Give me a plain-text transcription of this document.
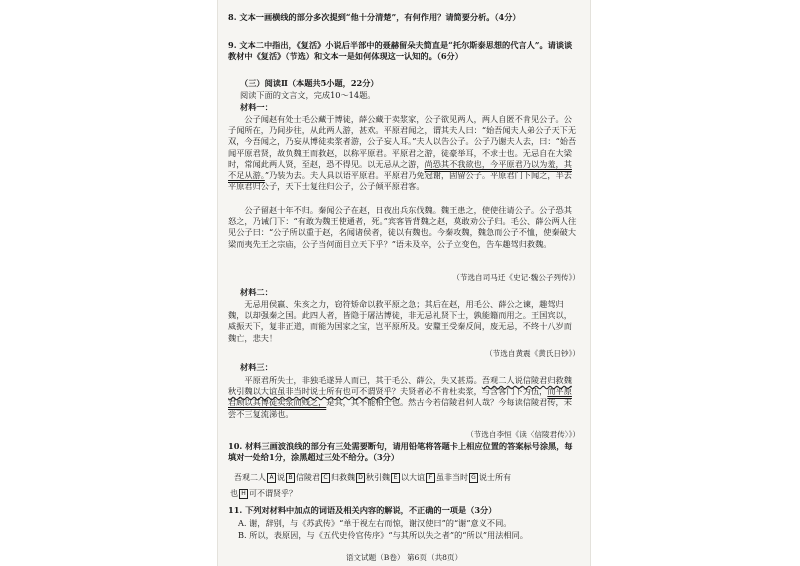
8. 文本一画横线的部分多次提到“他十分清楚”，有何作用？请简要分析。（4分）

9. 文本二中指出，《复活》小说后半部中的聂赫留朵夫简直是“托尔斯泰思想的代言人”。请谈谈教材中《复活》（节选）和文本一是如何体现这一认知的。（6分）

（三）阅读Ⅱ（本题共5小题，22分）

阅读下面的文言文，完成10～14题。

材料一：

公子闻赵有处士毛公藏于博徒，薛公藏于卖浆家，公子欲见两人，两人自匿不肯见公子。公子闻所在，乃间步往，从此两人游，甚欢。平原君闻之，谓其夫人曰：“始吾闻夫人弟公子天下无双，今吾闻之，乃妄从博徒卖浆者游，公子妄人耳。”夫人以告公子。公子乃谢夫人去，曰：“始吾闻平原君贤，故负魏王而救赵，以称平原君。平原君之游，徒豪举耳，不求士也。无忌自在大梁时，常闻此两人贤，至赵，恐不得见。以无忌从之游，尚恐其不我欲也，今平原君乃以为羞，其不足从游。”乃装为去。夫人具以语平原君。平原君乃免冠谢，固留公子。平原君门下闻之，半去平原君归公子，天下士复往归公子，公子倾平原君客。

公子留赵十年不归。秦闻公子在赵，日夜出兵东伐魏。魏王患之，使使往请公子。公子恐其怒之，乃诫门下：“有敢为魏王使通者，死。”宾客皆背魏之赵，莫敢劝公子归。毛公、薛公两人往见公子曰：“公子所以重于赵，名闻诸侯者，徒以有魏也。今秦攻魏，魏急而公子不恤，使秦破大梁而夷先王之宗庙，公子当何面目立天下乎？”语未及卒，公子立变色，告车趣驾归救魏。

（节选自司马迁《史记·魏公子列传》）

材料二：

无忌用侯嬴、朱亥之力，窃符矫命以救平原之急；其后在赵，用毛公、薛公之谏，趣驾归魏，以却强秦之国。此四人者，皆隐于屠沽博徒，非无忌礼贤下士，孰能籍而用之。王国宾以，威振天下，复非正道，而能为国家之宝，岂平原所及。安釐王受秦反间，废无忌，不终十八岁而魏亡，悲夫！

（节选自黄震《黄氏日钞》）

材料三：

平原君所失士，非独毛遂异人而已，其于毛公、薛公，失又甚焉。吾观二人说信陵君归救魏秋引魏以大谊虽非当时说士所有也可不谓贤乎？夫贤者必不肯杜卖浆，与含客门下为伍，而平原君顾以其博徒卖浆而贱之，是其，其不能相士也。然古今若信陵君何人哉？今每读信陵君传，未尝不三复流涕也。

（节选自李恒《读〈信陵君传〉》）

10. 材料三画波浪线的部分有三处需要断句，请用铅笔将答题卡上相应位置的答案标号涂黑，每填对一处给1分，涂黑超过三处不给分。（3分）

吾观二人 A 说 B 信陵君 C 归救魏 D 秋引魏 E 以大谊 F 虽非当时 G 说士所有
也 H 可不谓贤乎？

11. 下列对材料中加点的词语及相关内容的解说，不正确的一项是（3分）

A. 谢，辞别，与《苏武传》“单于视左右而惊，谢汉使曰”的“谢”意义不同。

B. 所以，表原因，与《五代史伶官传序》“与其所以失之者”的“所以”用法相同。

语文试题（B卷） 第6页（共8页）
